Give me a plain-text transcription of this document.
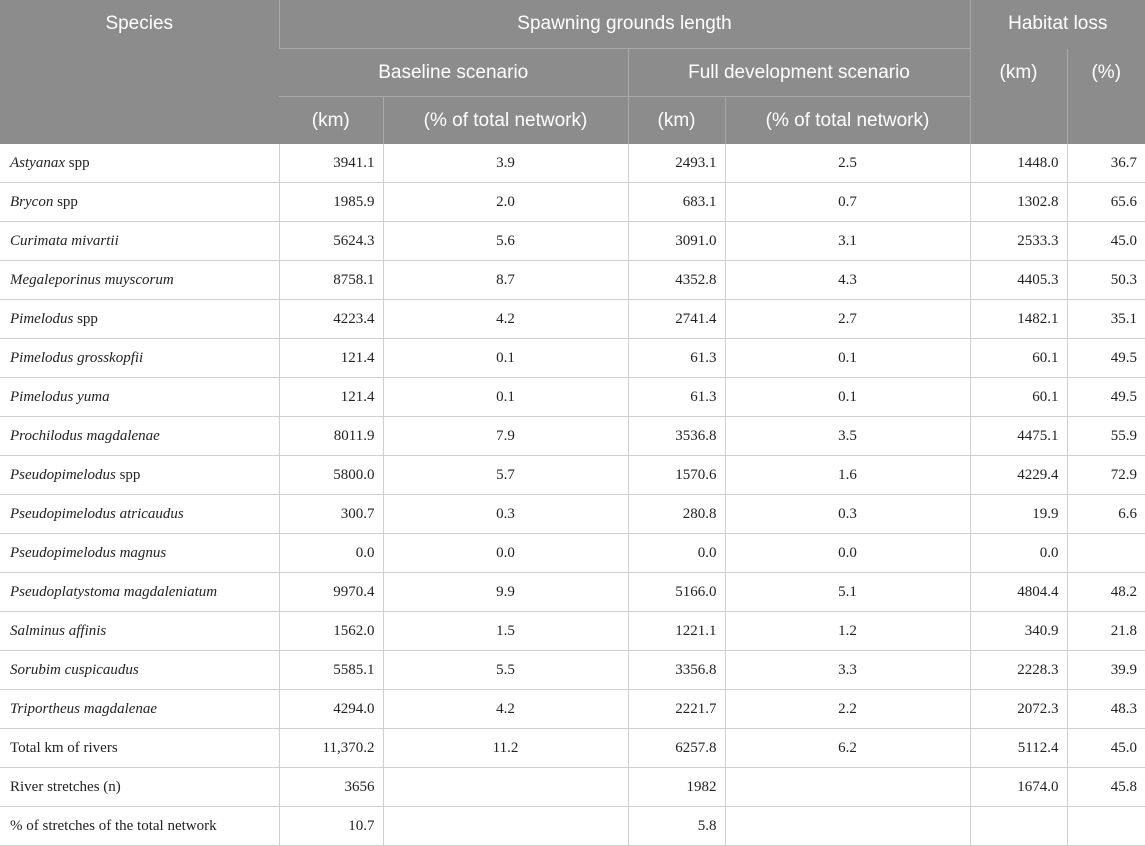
Species	Spawning grounds length				Habitat loss	
	Baseline scenario		Full development scenario		(km)	(%)
	(km)	(% of total network)	(km)	(% of total network)		
Astyanax spp	3941.1	3.9	2493.1	2.5	1448.0	36.7
Brycon spp	1985.9	2.0	683.1	0.7	1302.8	65.6
Curimata mivartii	5624.3	5.6	3091.0	3.1	2533.3	45.0
Megaleporinus muyscorum	8758.1	8.7	4352.8	4.3	4405.3	50.3
Pimelodus spp	4223.4	4.2	2741.4	2.7	1482.1	35.1
Pimelodus grosskopfii	121.4	0.1	61.3	0.1	60.1	49.5
Pimelodus yuma	121.4	0.1	61.3	0.1	60.1	49.5
Prochilodus magdalenae	8011.9	7.9	3536.8	3.5	4475.1	55.9
Pseudopimelodus spp	5800.0	5.7	1570.6	1.6	4229.4	72.9
Pseudopimelodus atricaudus	300.7	0.3	280.8	0.3	19.9	6.6
Pseudopimelodus magnus	0.0	0.0	0.0	0.0	0.0	
Pseudoplatystoma magdaleniatum	9970.4	9.9	5166.0	5.1	4804.4	48.2
Salminus affinis	1562.0	1.5	1221.1	1.2	340.9	21.8
Sorubim cuspicaudus	5585.1	5.5	3356.8	3.3	2228.3	39.9
Triportheus magdalenae	4294.0	4.2	2221.7	2.2	2072.3	48.3
Total km of rivers	11,370.2	11.2	6257.8	6.2	5112.4	45.0
River stretches (n)	3656		1982		1674.0	45.8
% of stretches of the total network	10.7		5.8			
